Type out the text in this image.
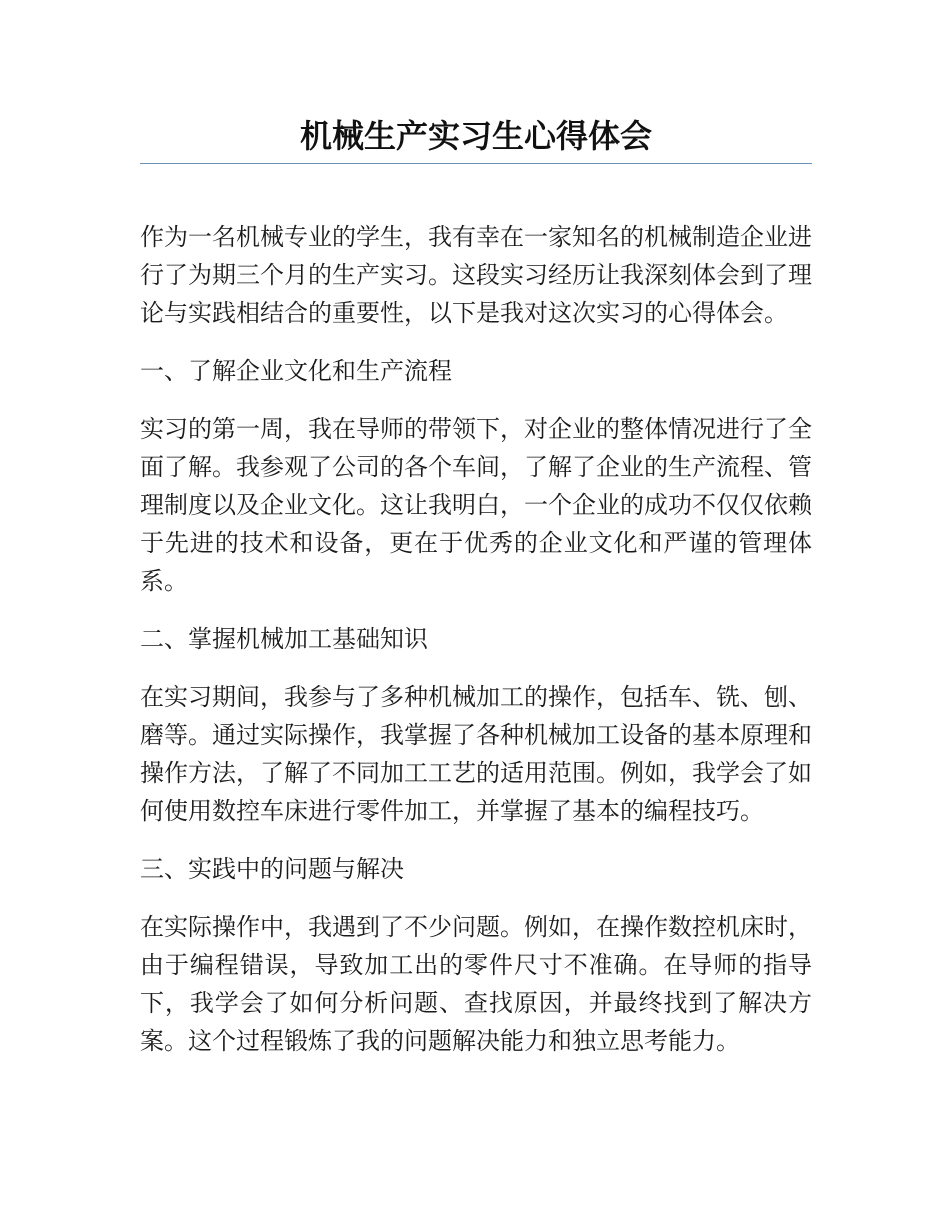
机械生产实习生心得体会

作为一名机械专业的学生，我有幸在一家知名的机械制造企业进行了为期三个月的生产实习。这段实习经历让我深刻体会到了理论与实践相结合的重要性，以下是我对这次实习的心得体会。

一、了解企业文化和生产流程

实习的第一周，我在导师的带领下，对企业的整体情况进行了全面了解。我参观了公司的各个车间，了解了企业的生产流程、管理制度以及企业文化。这让我明白，一个企业的成功不仅仅依赖于先进的技术和设备，更在于优秀的企业文化和严谨的管理体系。

二、掌握机械加工基础知识

在实习期间，我参与了多种机械加工的操作，包括车、铣、刨、磨等。通过实际操作，我掌握了各种机械加工设备的基本原理和操作方法，了解了不同加工工艺的适用范围。例如，我学会了如何使用数控车床进行零件加工，并掌握了基本的编程技巧。

三、实践中的问题与解决

在实际操作中，我遇到了不少问题。例如，在操作数控机床时，由于编程错误，导致加工出的零件尺寸不准确。在导师的指导下，我学会了如何分析问题、查找原因，并最终找到了解决方案。这个过程锻炼了我的问题解决能力和独立思考能力。
